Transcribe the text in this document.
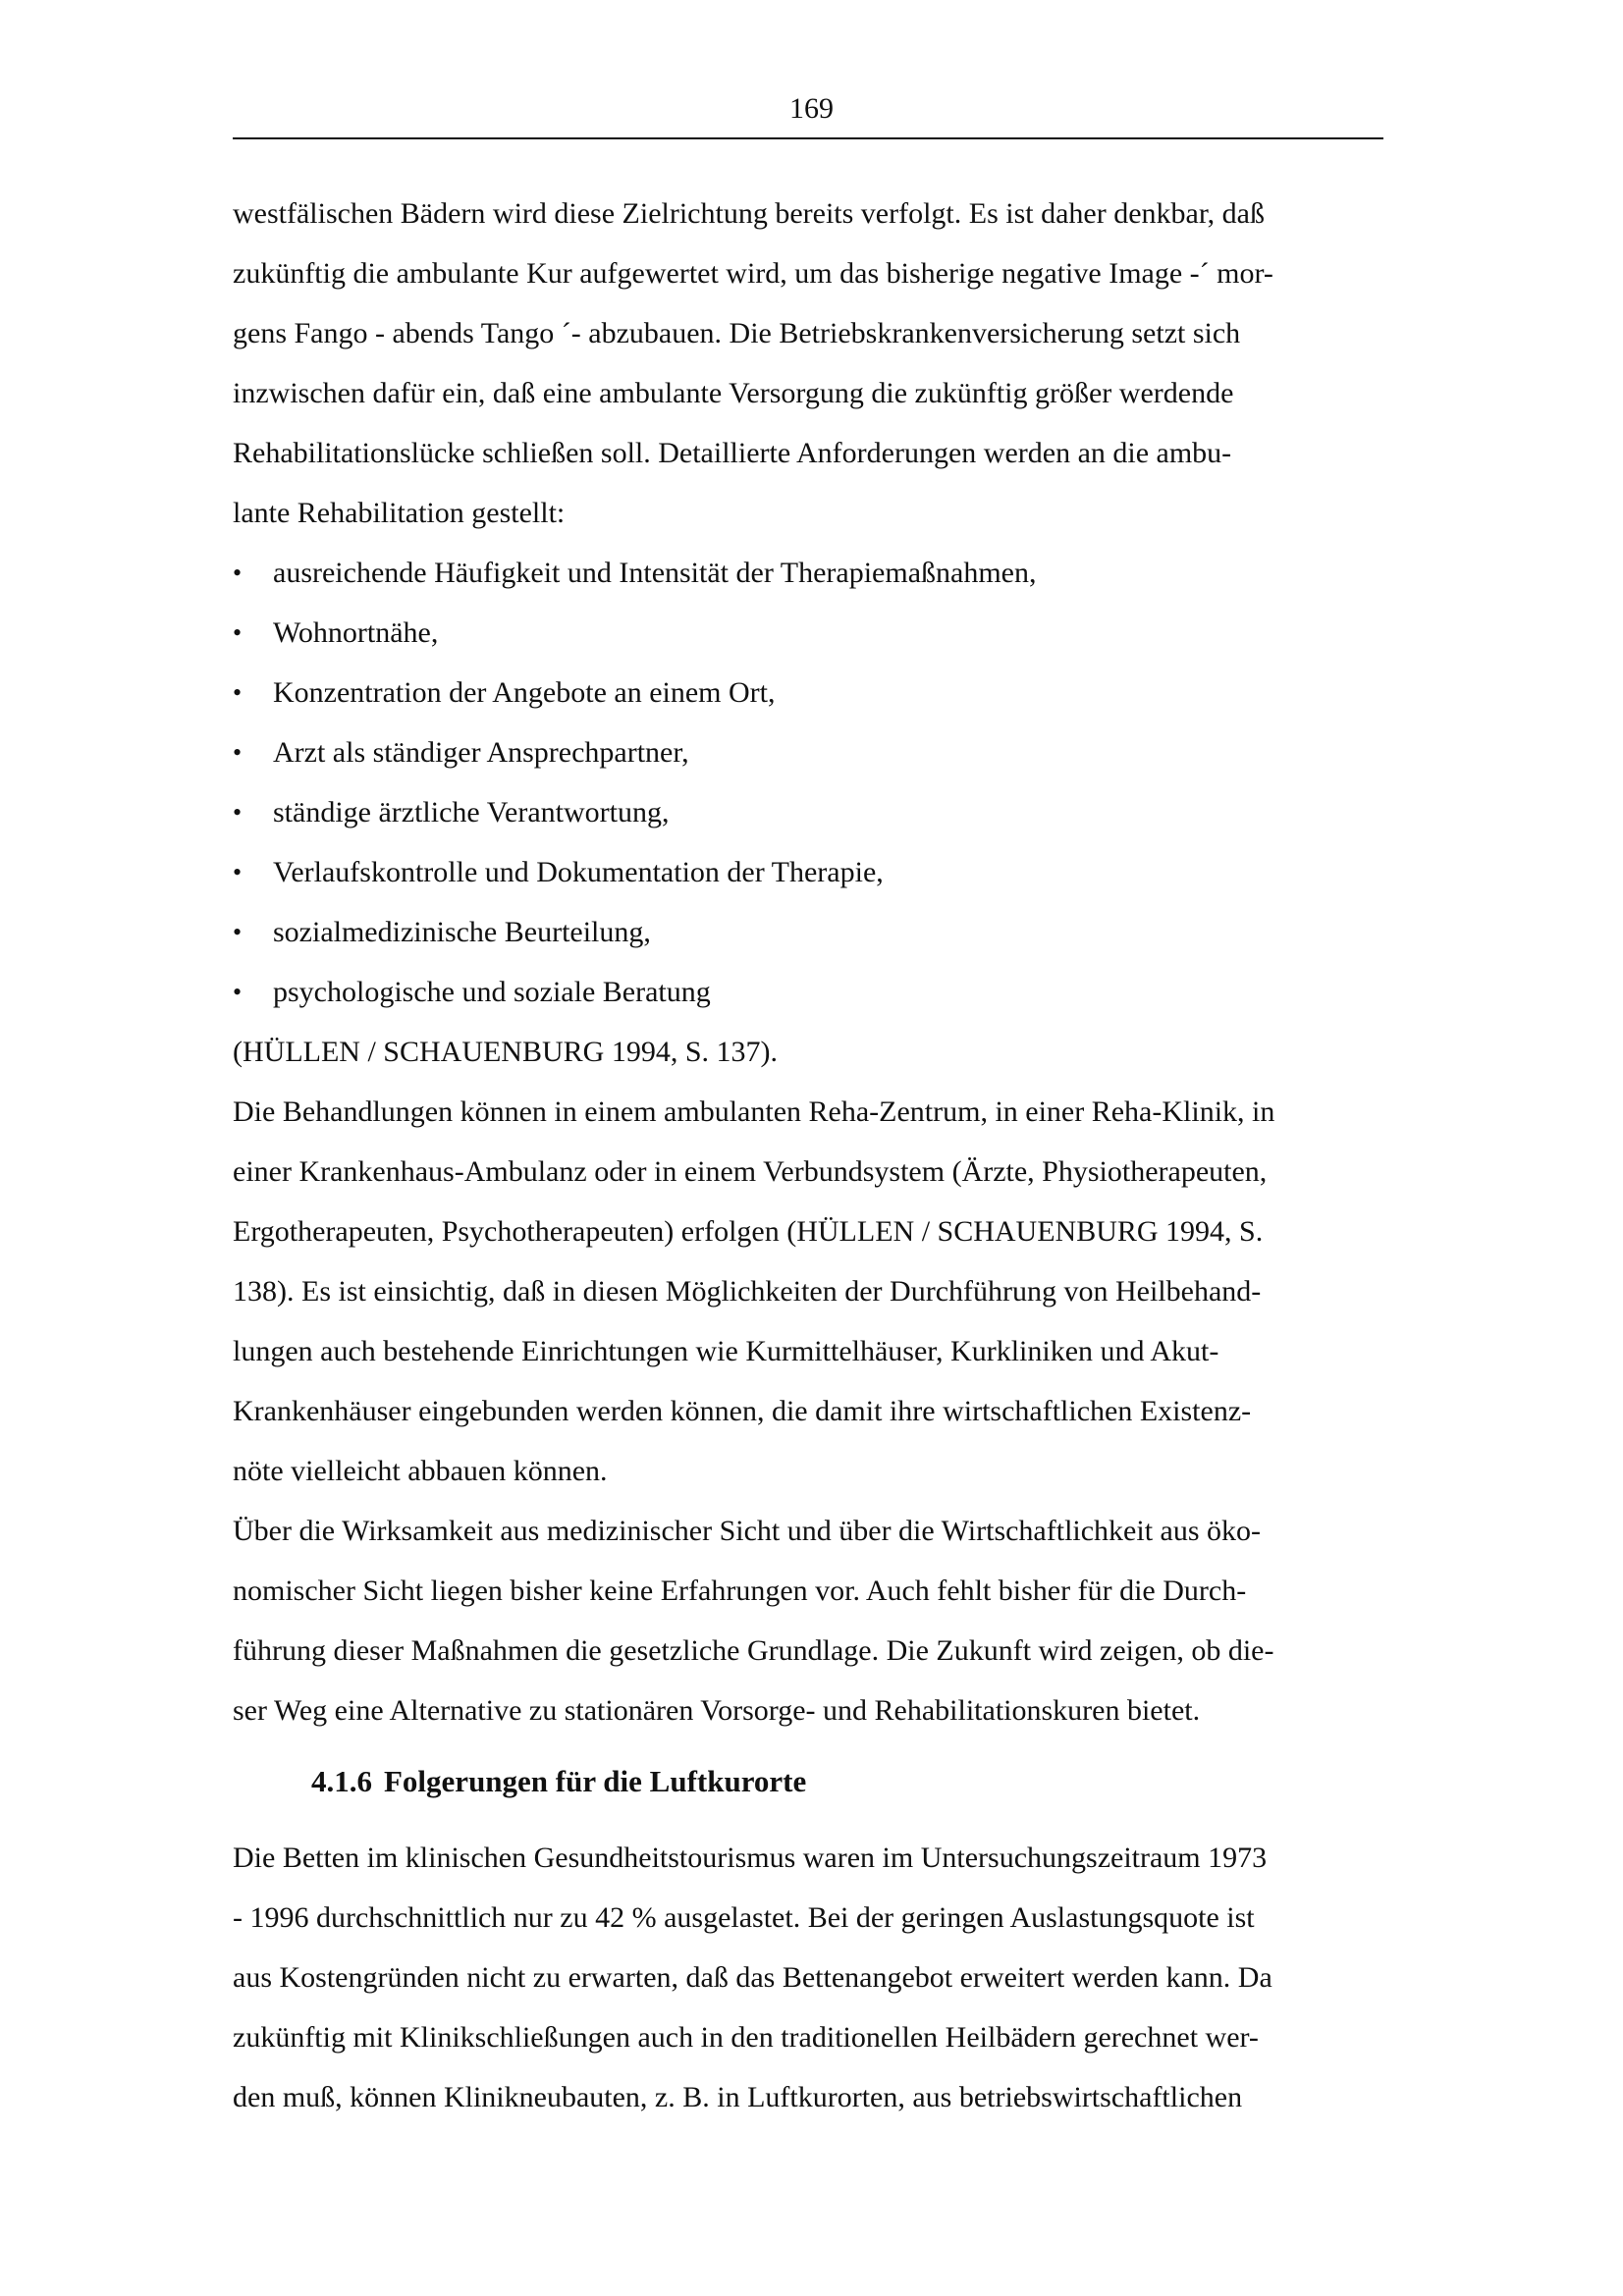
169
westfälischen Bädern wird diese Zielrichtung bereits verfolgt. Es ist daher denkbar, daß
zukünftig die ambulante Kur aufgewertet wird, um das bisherige negative Image -´ mor-
gens Fango - abends Tango ´- abzubauen. Die Betriebskrankenversicherung setzt sich
inzwischen dafür ein, daß eine ambulante Versorgung die zukünftig größer werdende
Rehabilitationslücke schließen soll. Detaillierte Anforderungen werden an die ambu-
lante Rehabilitation gestellt:
• ausreichende Häufigkeit und Intensität der Therapiemaßnahmen,
• Wohnortnähe,
• Konzentration der Angebote an einem Ort,
• Arzt als ständiger Ansprechpartner,
• ständige ärztliche Verantwortung,
• Verlaufskontrolle und Dokumentation der Therapie,
• sozialmedizinische Beurteilung,
• psychologische und soziale Beratung
(HÜLLEN / SCHAUENBURG 1994, S. 137).
Die Behandlungen können in einem ambulanten Reha-Zentrum, in einer Reha-Klinik, in
einer Krankenhaus-Ambulanz oder in einem Verbundsystem (Ärzte, Physiotherapeuten,
Ergotherapeuten, Psychotherapeuten) erfolgen (HÜLLEN / SCHAUENBURG 1994, S.
138). Es ist einsichtig, daß in diesen Möglichkeiten der Durchführung von Heilbehand-
lungen auch bestehende Einrichtungen wie Kurmittelhäuser, Kurkliniken und Akut-
Krankenhäuser eingebunden werden können, die damit ihre wirtschaftlichen Existenz-
nöte vielleicht abbauen können.
Über die Wirksamkeit aus medizinischer Sicht und über die Wirtschaftlichkeit aus öko-
nomischer Sicht liegen bisher keine Erfahrungen vor. Auch fehlt bisher für die Durch-
führung dieser Maßnahmen die gesetzliche Grundlage. Die Zukunft wird zeigen, ob die-
ser Weg eine Alternative zu stationären Vorsorge- und Rehabilitationskuren bietet.
4.1.6 Folgerungen für die Luftkurorte
Die Betten im klinischen Gesundheitstourismus waren im Untersuchungszeitraum 1973
- 1996 durchschnittlich nur zu 42 % ausgelastet. Bei der geringen Auslastungsquote ist
aus Kostengründen nicht zu erwarten, daß das Bettenangebot erweitert werden kann. Da
zukünftig mit Klinikschließungen auch in den traditionellen Heilbädern gerechnet wer-
den muß, können Klinikneubauten, z. B. in Luftkurorten, aus betriebswirtschaftlichen
